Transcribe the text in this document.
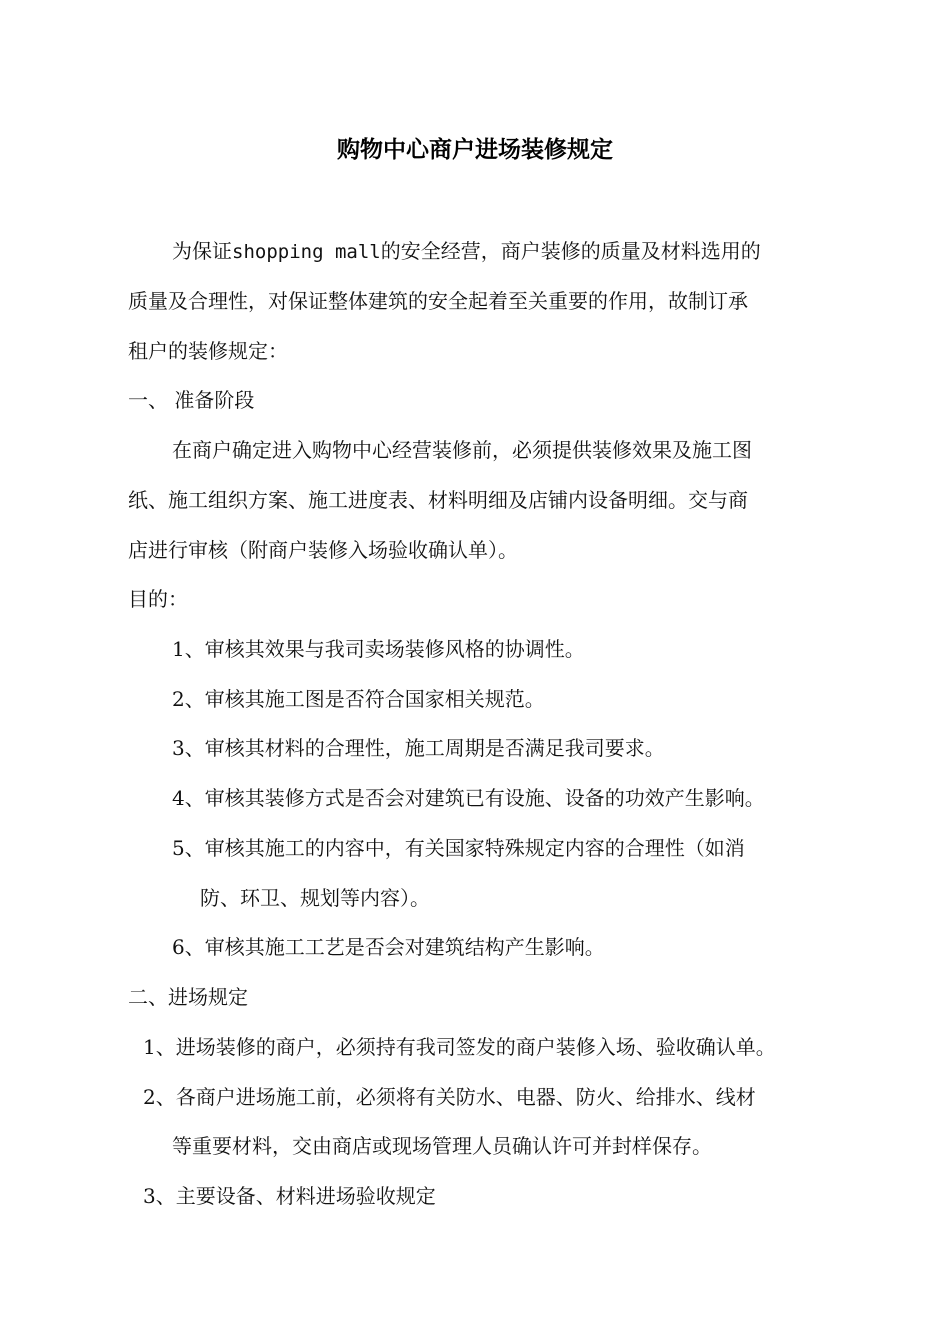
购物中心商户进场装修规定
为保证shopping mall的安全经营，商户装修的质量及材料选用的
质量及合理性，对保证整体建筑的安全起着至关重要的作用，故制订承
租户的装修规定：
一、 准备阶段
在商户确定进入购物中心经营装修前，必须提供装修效果及施工图
纸、施工组织方案、施工进度表、材料明细及店铺内设备明细。交与商
店进行审核（附商户装修入场验收确认单）。
目的：
1、审核其效果与我司卖场装修风格的协调性。
2、审核其施工图是否符合国家相关规范。
3、审核其材料的合理性，施工周期是否满足我司要求。
4、审核其装修方式是否会对建筑已有设施、设备的功效产生影响。
5、审核其施工的内容中，有关国家特殊规定内容的合理性（如消
防、环卫、规划等内容）。
6、审核其施工工艺是否会对建筑结构产生影响。
二、进场规定
1、进场装修的商户，必须持有我司签发的商户装修入场、验收确认单。
2、各商户进场施工前，必须将有关防水、电器、防火、给排水、线材
等重要材料，交由商店或现场管理人员确认许可并封样保存。
3、主要设备、材料进场验收规定
